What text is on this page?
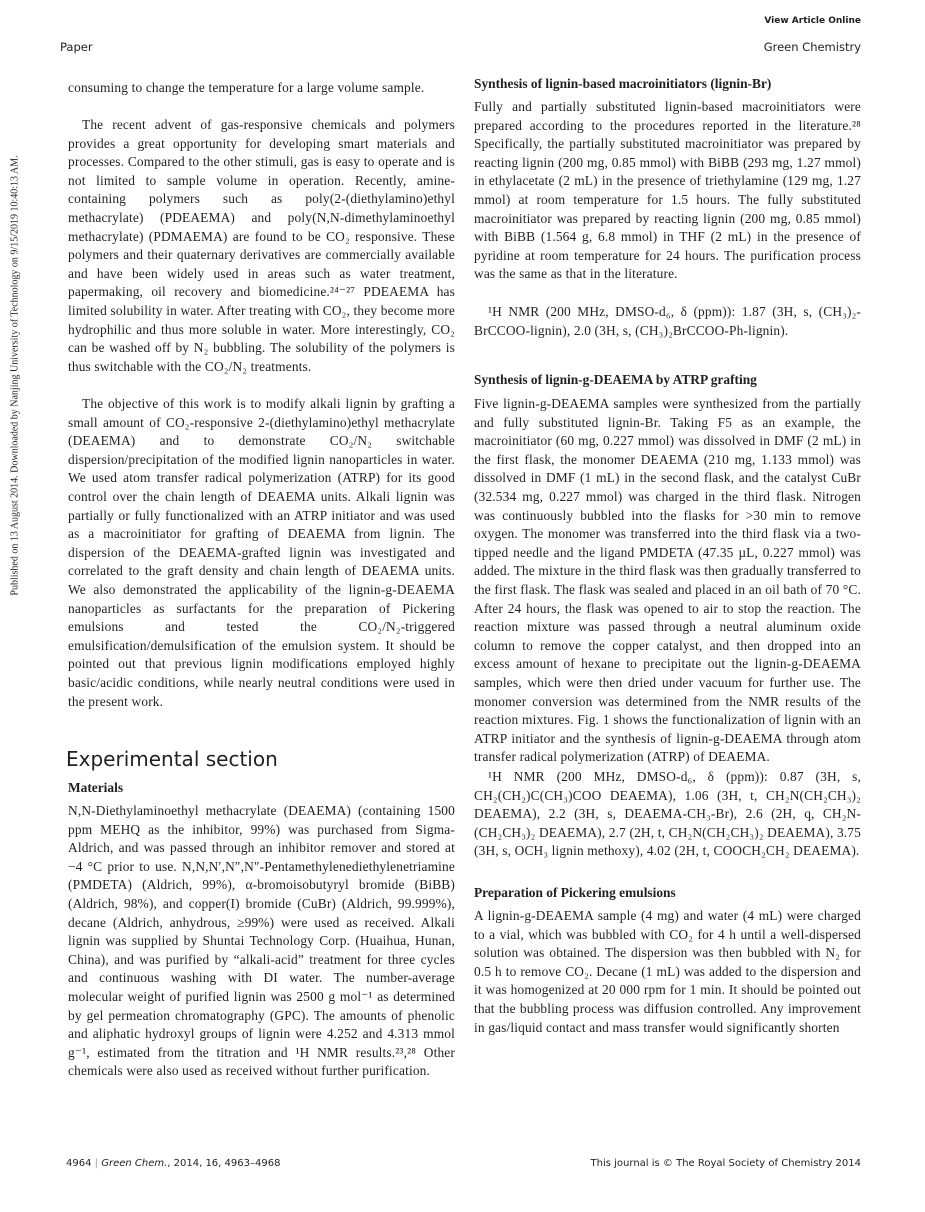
View Article Online
Paper	Green Chemistry
Published on 13 August 2014. Downloaded by Nanjing University of Technology on 9/15/2019 10:40:13 AM.

consuming to change the temperature for a large volume sample.

The recent advent of gas-responsive chemicals and polymers provides a great opportunity for developing smart materials and processes. Compared to the other stimuli, gas is easy to operate and is not limited to sample volume in operation. Recently, amine-containing polymers such as poly(2-(diethylamino)ethyl methacrylate) (PDEAEMA) and poly(N,N-dimethylaminoethyl methacrylate) (PDMAEMA) are found to be CO₂ responsive. These polymers and their quaternary derivatives are commercially available and have been widely used in areas such as water treatment, papermaking, oil recovery and biomedicine.²⁴⁻²⁷ PDEAEMA has limited solubility in water. After treating with CO₂, they become more hydrophilic and thus more soluble in water. More interestingly, CO₂ can be washed off by N₂ bubbling. The solubility of the polymers is thus switchable with the CO₂/N₂ treatments.

The objective of this work is to modify alkali lignin by grafting a small amount of CO₂-responsive 2-(diethylamino)ethyl methacrylate (DEAEMA) and to demonstrate CO₂/N₂ switchable dispersion/precipitation of the modified lignin nanoparticles in water. We used atom transfer radical polymerization (ATRP) for its good control over the chain length of DEAEMA units. Alkali lignin was partially or fully functionalized with an ATRP initiator and was used as a macroinitiator for grafting of DEAEMA from lignin. The dispersion of the DEAEMA-grafted lignin was investigated and correlated to the graft density and chain length of DEAEMA units. We also demonstrated the applicability of the lignin-g-DEAEMA nanoparticles as surfactants for the preparation of Pickering emulsions and tested the CO₂/N₂-triggered emulsification/demulsification of the emulsion system. It should be pointed out that previous lignin modifications employed highly basic/acidic conditions, while nearly neutral conditions were used in the present work.

Experimental section
Materials

N,N-Diethylaminoethyl methacrylate (DEAEMA) (containing 1500 ppm MEHQ as the inhibitor, 99%) was purchased from Sigma-Aldrich, and was passed through an inhibitor remover and stored at −4 °C prior to use. N,N,N′,N″,N″-Pentamethylenediethylenetriamine (PMDETA) (Aldrich, 99%), α-bromoisobutyryl bromide (BiBB) (Aldrich, 98%), and copper(I) bromide (CuBr) (Aldrich, 99.999%), decane (Aldrich, anhydrous, ≥99%) were used as received. Alkali lignin was supplied by Shuntai Technology Corp. (Huaihua, Hunan, China), and was purified by “alkali-acid” treatment for three cycles and continuous washing with DI water. The number-average molecular weight of purified lignin was 2500 g mol⁻¹ as determined by gel permeation chromatography (GPC). The amounts of phenolic and aliphatic hydroxyl groups of lignin were 4.252 and 4.313 mmol g⁻¹, estimated from the titration and ¹H NMR results.²³,²⁸ Other chemicals were also used as received without further purification.

Synthesis of lignin-based macroinitiators (lignin-Br)

Fully and partially substituted lignin-based macroinitiators were prepared according to the procedures reported in the literature.²⁸ Specifically, the partially substituted macroinitiator was prepared by reacting lignin (200 mg, 0.85 mmol) with BiBB (293 mg, 1.27 mmol) in ethylacetate (2 mL) in the presence of triethylamine (129 mg, 1.27 mmol) at room temperature for 1.5 hours. The fully substituted macroinitiator was prepared by reacting lignin (200 mg, 0.85 mmol) with BiBB (1.564 g, 6.8 mmol) in THF (2 mL) in the presence of pyridine at room temperature for 24 hours. The purification process was the same as that in the literature.

¹H NMR (200 MHz, DMSO-d₆, δ (ppm)): 1.87 (3H, s, (CH₃)₂-BrCCOO-lignin), 2.0 (3H, s, (CH₃)₂BrCCOO-Ph-lignin).

Synthesis of lignin-g-DEAEMA by ATRP grafting

Five lignin-g-DEAEMA samples were synthesized from the partially and fully substituted lignin-Br. Taking F5 as an example, the macroinitiator (60 mg, 0.227 mmol) was dissolved in DMF (2 mL) in the first flask, the monomer DEAEMA (210 mg, 1.133 mmol) was dissolved in DMF (1 mL) in the second flask, and the catalyst CuBr (32.534 mg, 0.227 mmol) was charged in the third flask. Nitrogen was continuously bubbled into the flasks for >30 min to remove oxygen. The monomer was transferred into the third flask via a two-tipped needle and the ligand PMDETA (47.35 µL, 0.227 mmol) was added. The mixture in the third flask was then gradually transferred to the first flask. The flask was sealed and placed in an oil bath of 70 °C. After 24 hours, the flask was opened to air to stop the reaction. The reaction mixture was passed through a neutral aluminum oxide column to remove the copper catalyst, and then dropped into an excess amount of hexane to precipitate out the lignin-g-DEAEMA samples, which were then dried under vacuum for further use. The monomer conversion was determined from the NMR results of the reaction mixtures. Fig. 1 shows the functionalization of lignin with an ATRP initiator and the synthesis of lignin-g-DEAEMA through atom transfer radical polymerization (ATRP) of DEAEMA.

¹H NMR (200 MHz, DMSO-d₆, δ (ppm)): 0.87 (3H, s, CH₂(CH₂)C(CH₃)COO DEAEMA), 1.06 (3H, t, CH₂N(CH₂CH₃)₂ DEAEMA), 2.2 (3H, s, DEAEMA-CH₃-Br), 2.6 (2H, q, CH₂N-(CH₂CH₃)₂ DEAEMA), 2.7 (2H, t, CH₂N(CH₂CH₃)₂ DEAEMA), 3.75 (3H, s, OCH₃ lignin methoxy), 4.02 (2H, t, COOCH₂CH₂ DEAEMA).

Preparation of Pickering emulsions

A lignin-g-DEAEMA sample (4 mg) and water (4 mL) were charged to a vial, which was bubbled with CO₂ for 4 h until a well-dispersed solution was obtained. The dispersion was then bubbled with N₂ for 0.5 h to remove CO₂. Decane (1 mL) was added to the dispersion and it was homogenized at 20 000 rpm for 1 min. It should be pointed out that the bubbling process was diffusion controlled. Any improvement in gas/liquid contact and mass transfer would significantly shorten

4964 | Green Chem., 2014, 16, 4963–4968	This journal is © The Royal Society of Chemistry 2014
